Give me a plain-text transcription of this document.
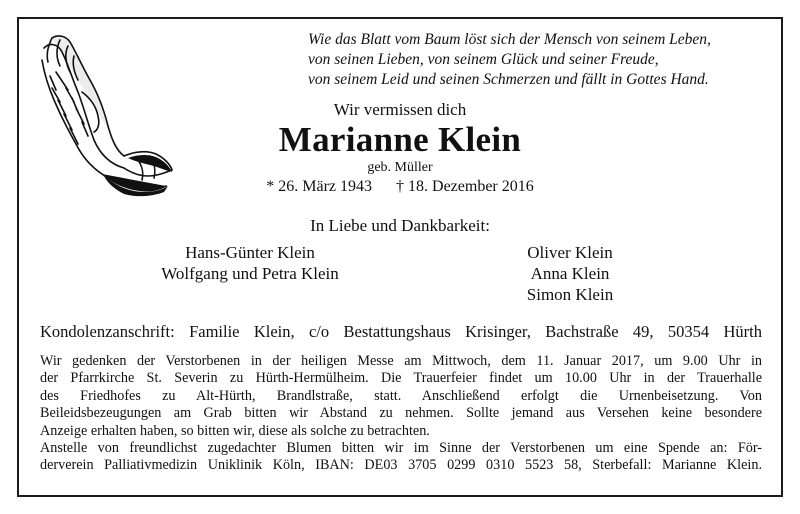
Wie das Blatt vom Baum löst sich der Mensch von seinem Leben,
von seinen Lieben, von seinem Glück und seiner Freude,
von seinem Leid und seinen Schmerzen und fällt in Gottes Hand.
Wir vermissen dich
Marianne Klein
geb. Müller
* 26. März 1943 † 18. Dezember 2016
In Liebe und Dankbarkeit:
Hans-Günter Klein
Wolfgang und Petra Klein
Oliver Klein
Anna Klein
Simon Klein
Kondolenzanschrift: Familie Klein, c/o Bestattungshaus Krisinger, Bachstraße 49, 50354 Hürth
Wir gedenken der Verstorbenen in der heiligen Messe am Mittwoch, dem 11. Januar 2017, um 9.00 Uhr in
der Pfarrkirche St. Severin zu Hürth-Hermülheim. Die Trauerfeier findet um 10.00 Uhr in der Trauerhalle
des Friedhofes zu Alt-Hürth, Brandlstraße, statt. Anschließend erfolgt die Urnenbeisetzung. Von
Beileidsbezeugungen am Grab bitten wir Abstand zu nehmen. Sollte jemand aus Versehen keine besondere
Anzeige erhalten haben, so bitten wir, diese als solche zu betrachten.
Anstelle von freundlichst zugedachter Blumen bitten wir im Sinne der Verstorbenen um eine Spende an: För-
derverein Palliativmedizin Uniklinik Köln, IBAN: DE03 3705 0299 0310 5523 58, Sterbefall: Marianne Klein.
